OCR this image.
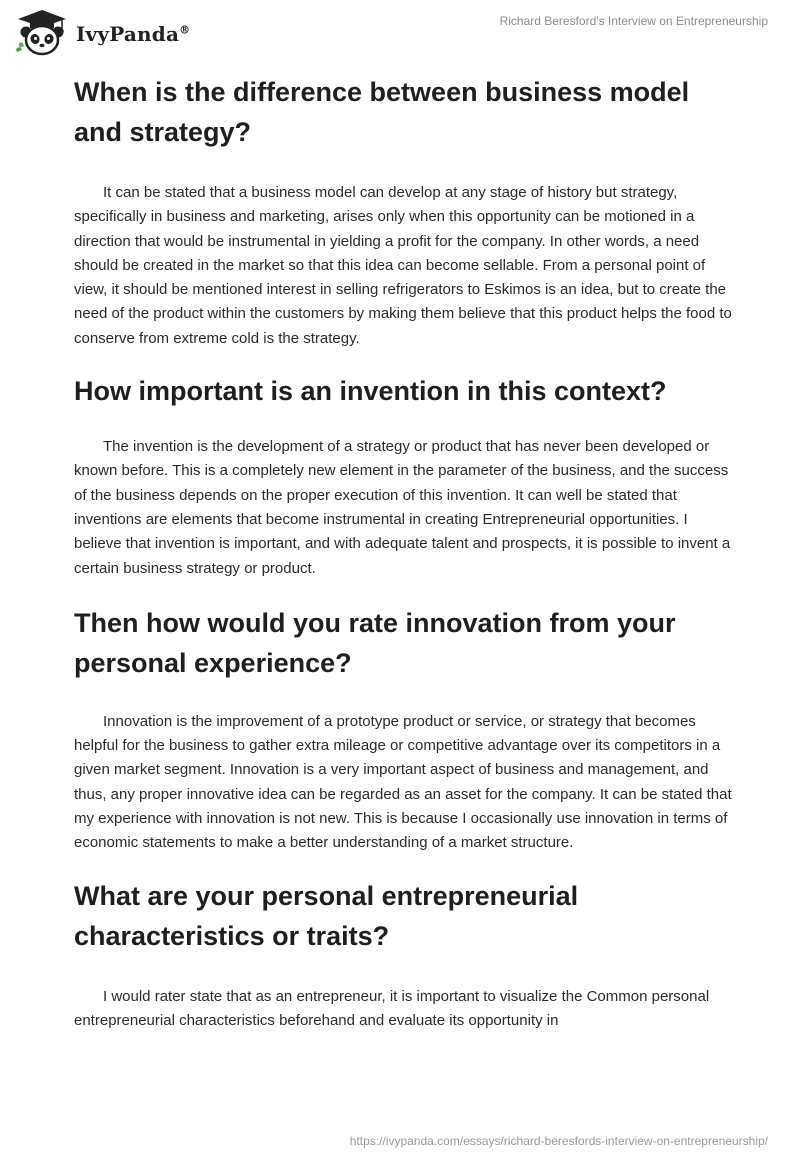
IvyPanda®
Richard Beresford's Interview on Entrepreneurship
When is the difference between business model and strategy?

It can be stated that a business model can develop at any stage of history but strategy, specifically in business and marketing, arises only when this opportunity can be motioned in a direction that would be instrumental in yielding a profit for the company. In other words, a need should be created in the market so that this idea can become sellable. From a personal point of view, it should be mentioned interest in selling refrigerators to Eskimos is an idea, but to create the need of the product within the customers by making them believe that this product helps the food to conserve from extreme cold is the strategy.

How important is an invention in this context?

The invention is the development of a strategy or product that has never been developed or known before. This is a completely new element in the parameter of the business, and the success of the business depends on the proper execution of this invention. It can well be stated that inventions are elements that become instrumental in creating Entrepreneurial opportunities. I believe that invention is important, and with adequate talent and prospects, it is possible to invent a certain business strategy or product.

Then how would you rate innovation from your personal experience?

Innovation is the improvement of a prototype product or service, or strategy that becomes helpful for the business to gather extra mileage or competitive advantage over its competitors in a given market segment. Innovation is a very important aspect of business and management, and thus, any proper innovative idea can be regarded as an asset for the company. It can be stated that my experience with innovation is not new. This is because I occasionally use innovation in terms of economic statements to make a better understanding of a market structure.

What are your personal entrepreneurial characteristics or traits?

I would rater state that as an entrepreneur, it is important to visualize the Common personal entrepreneurial characteristics beforehand and evaluate its opportunity in

https://ivypanda.com/essays/richard-beresfords-interview-on-entrepreneurship/
